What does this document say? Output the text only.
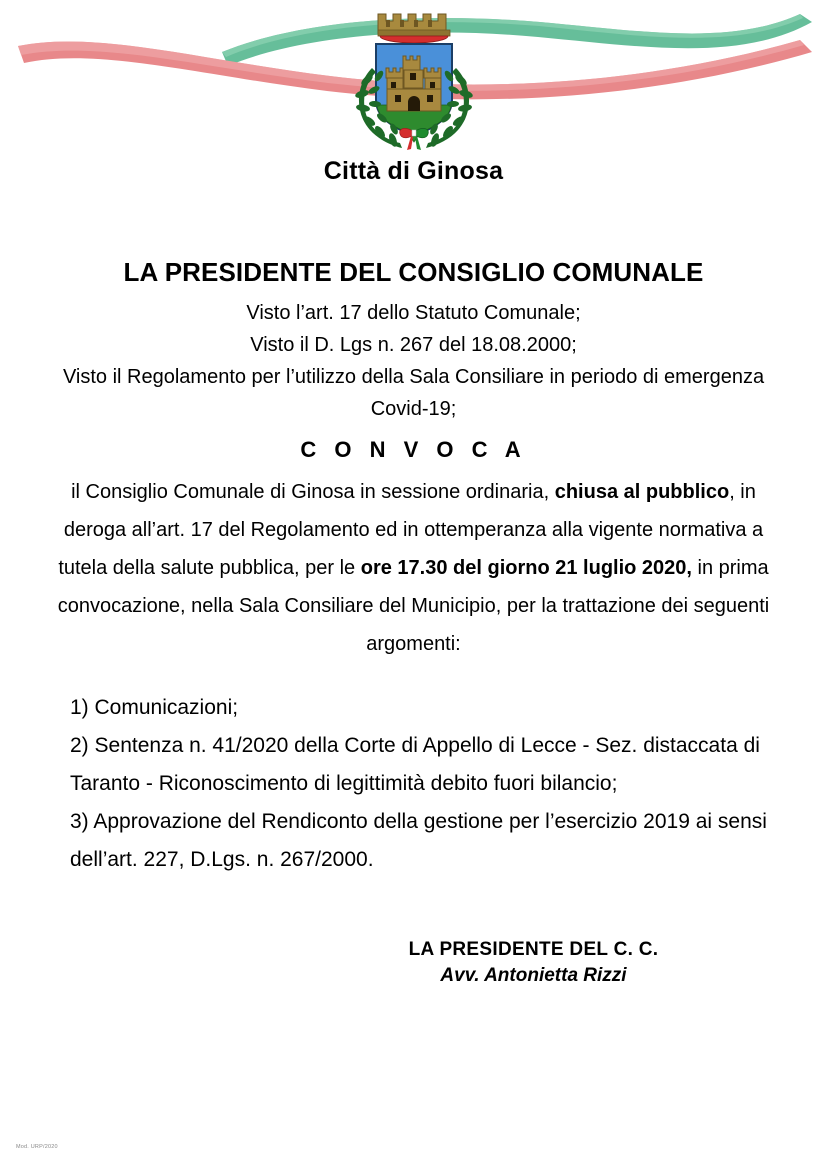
Città di Ginosa
LA PRESIDENTE DEL CONSIGLIO COMUNALE
Visto l’art. 17 dello Statuto Comunale;
Visto il D. Lgs n. 267 del 18.08.2000;
Visto il Regolamento per l’utilizzo della Sala Consiliare in periodo di emergenza Covid-19;
C O N V O C A
il Consiglio Comunale di Ginosa in sessione ordinaria, chiusa al pubblico, in deroga all’art. 17 del Regolamento ed in ottemperanza alla vigente normativa a tutela della salute pubblica, per le ore 17.30 del giorno 21 luglio 2020, in prima convocazione, nella Sala Consiliare del Municipio, per la trattazione dei seguenti argomenti:
1) Comunicazioni;
2) Sentenza n. 41/2020 della Corte di Appello di Lecce - Sez. distaccata di Taranto - Riconoscimento di legittimità debito fuori bilancio;
3) Approvazione del Rendiconto della gestione per l’esercizio 2019 ai sensi dell’art. 227, D.Lgs. n. 267/2000.
LA PRESIDENTE DEL C. C.
Avv. Antonietta Rizzi
Mod. URP/2020
